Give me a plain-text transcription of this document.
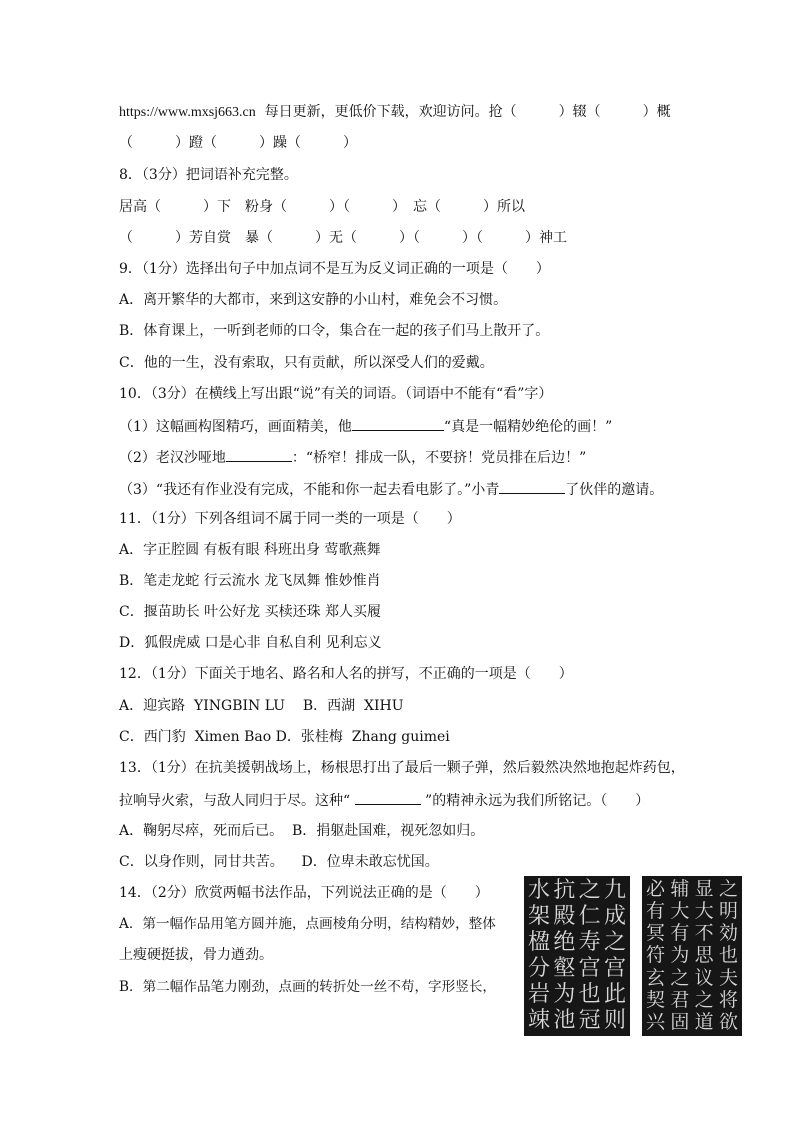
https://www.mxsj663.cn  每日更新，更低价下载，欢迎访问。抢（　　　）辍（　　　）概
（　　　）蹬（　　　）躁（　　　）
8．（3分）把词语补充完整。
居高（　　　）下　粉身（　　　）（　　　）　忘（　　　）所以
（　　　）芳自赏　暴（　　　）无（　　　）（　　　）（　　　）神工
9．（1分）选择出句子中加点词不是互为反义词正确的一项是（　　）
A．离开繁华的大都市，来到这安静的小山村，难免会不习惯。
B．体育课上，一听到老师的口令，集合在一起的孩子们马上散开了。
C．他的一生，没有索取，只有贡献，所以深受人们的爱戴。
10．（3分）在横线上写出跟“说”有关的词语。（词语中不能有“看”字）
（1）这幅画构图精巧，画面精美，他	“真是一幅精妙绝伦的画！”
（2）老汉沙哑地	：“桥窄！排成一队，不要挤！党员排在后边！”
（3）“我还有作业没有完成，不能和你一起去看电影了。”小青	了伙伴的邀请。
11．（1分）下列各组词不属于同一类的一项是（　　）
A．字正腔圆 有板有眼 科班出身 莺歌燕舞
B．笔走龙蛇 行云流水 龙飞凤舞 惟妙惟肖
C．揠苗助长 叶公好龙 买椟还珠 郑人买履
D．狐假虎威 口是心非 自私自利 见利忘义
12．（1分）下面关于地名、路名和人名的拼写，不正确的一项是（　　）
A．迎宾路  YINGBIN LU    B．西湖  XIHU
C．西门豹  Ximen Bao D．张桂梅  Zhang guimei
13．（1分）在抗美援朝战场上，杨根思打出了最后一颗子弹，然后毅然决然地抱起炸药包，
拉响导火索，与敌人同归于尽。这种“	”的精神永远为我们所铭记。（　　）
A．鞠躬尽瘁，死而后已。  B．捐躯赴国难，视死忽如归。
C．以身作则，同甘共苦。    D．位卑未敢忘忧国。
14．（2分）欣赏两幅书法作品，下列说法正确的是（　　）
A．第一幅作品用笔方圆并施，点画棱角分明，结构精妙，整体
上瘦硬挺拔，骨力遒劲。
B．第二幅作品笔力刚劲，点画的转折处一丝不苟，字形竖长，
九
成
之
宫
此
则
之
仁
寿
宫
也
冠
抗
殿
绝
壑
为
池
水
架
楹
分
岩
竦
之
明
効
也
夫
将
欲
显
大
不
思
议
之
道
辅
大
有
为
之
君
固
必
有
冥
符
玄
契
兴
